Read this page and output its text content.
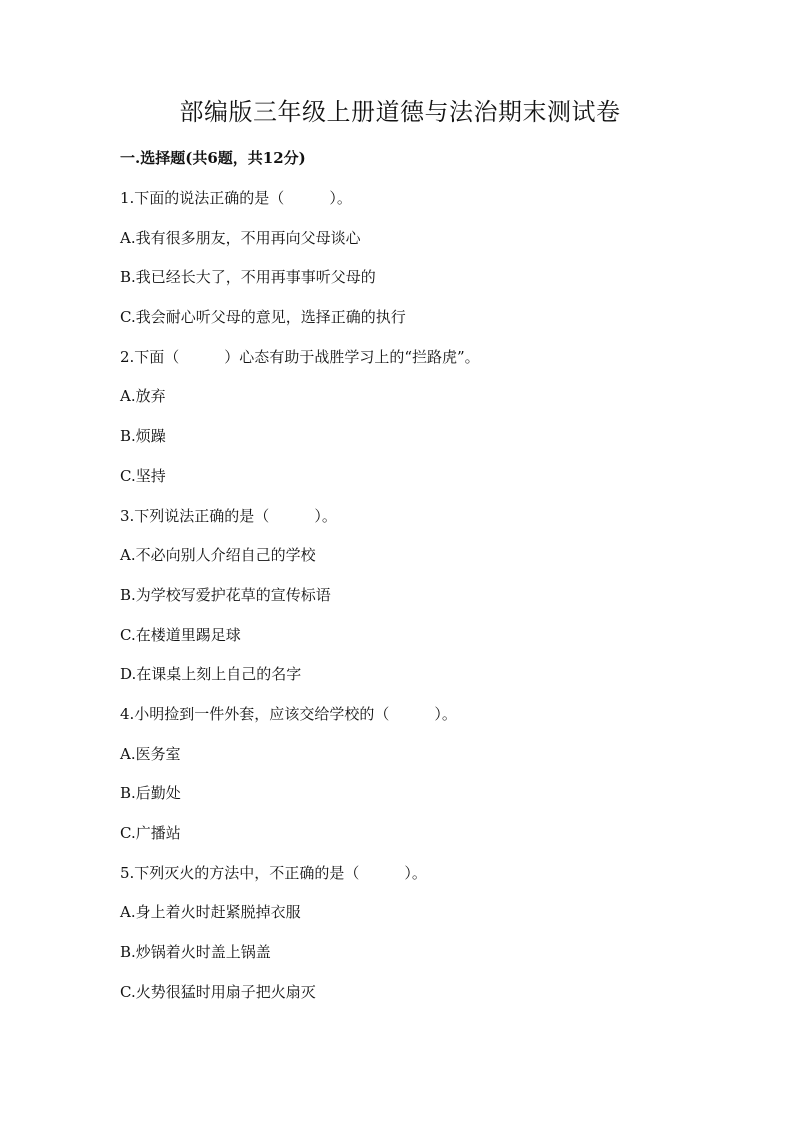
部编版三年级上册道德与法治期末测试卷
一.选择题(共6题，共12分)
1.下面的说法正确的是（　　　）。
A.我有很多朋友，不用再向父母谈心
B.我已经长大了，不用再事事听父母的
C.我会耐心听父母的意见，选择正确的执行
2.下面（　　　）心态有助于战胜学习上的“拦路虎”。
A.放弃
B.烦躁
C.坚持
3.下列说法正确的是（　　　）。
A.不必向别人介绍自己的学校
B.为学校写爱护花草的宣传标语
C.在楼道里踢足球
D.在课桌上刻上自己的名字
4.小明捡到一件外套，应该交给学校的（　　　）。
A.医务室
B.后勤处
C.广播站
5.下列灭火的方法中，不正确的是（　　　）。
A.身上着火时赶紧脱掉衣服
B.炒锅着火时盖上锅盖
C.火势很猛时用扇子把火扇灭
